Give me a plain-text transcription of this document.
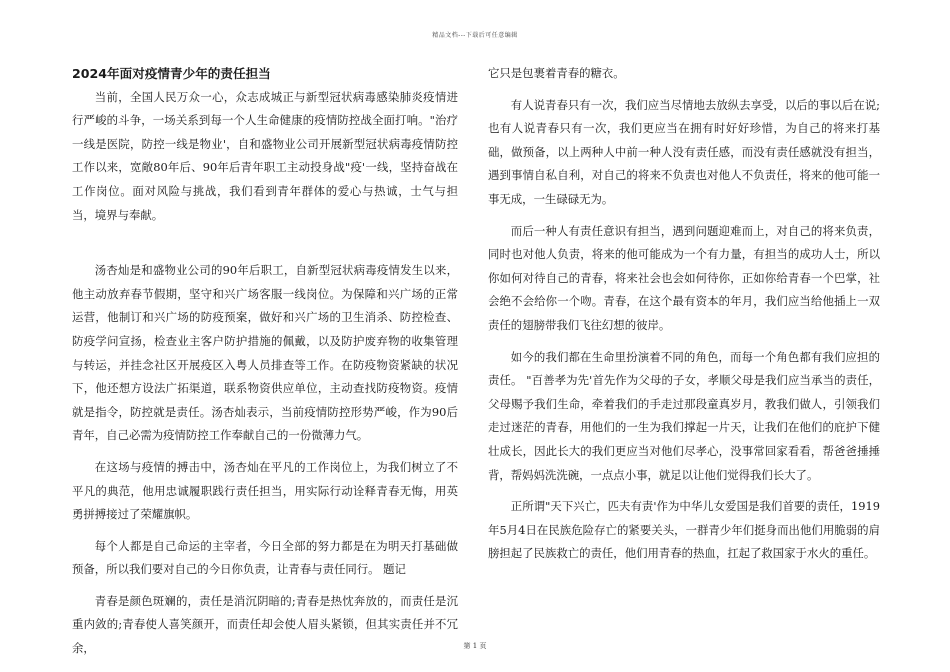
精品文档---下载后可任意编辑
2024年面对疫情青少年的责任担当

当前，全国人民万众一心，众志成城正与新型冠状病毒感染肺炎疫情进行严峻的斗争，一场关系到每一个人生命健康的疫情防控战全面打响。"治疗一线是医院，防控一线是物业'，自和盛物业公司开展新型冠状病毒疫情防控工作以来，宽敞80年后、90年后青年职工主动投身战"疫'一线，坚持奋战在工作岗位。面对风险与挑战，我们看到青年群体的爱心与热诚，士气与担当，境界与奉献。

汤杏灿是和盛物业公司的90年后职工，自新型冠状病毒疫情发生以来，他主动放弃春节假期，坚守和兴广场客服一线岗位。为保障和兴广场的正常运营，他制订和兴广场的防疫预案，做好和兴广场的卫生消杀、防控检查、防疫学问宣扬，检查业主客户防护措施的佩戴，以及防护废弃物的收集管理与转运，并挂念社区开展疫区入粤人员排查等工作。在防疫物资紧缺的状况下，他还想方设法广拓渠道，联系物资供应单位，主动查找防疫物资。疫情就是指令，防控就是责任。汤杏灿表示，当前疫情防控形势严峻，作为90后青年，自己必需为疫情防控工作奉献自己的一份微薄力气。

在这场与疫情的搏击中，汤杏灿在平凡的工作岗位上，为我们树立了不平凡的典范，他用忠诚履职践行责任担当，用实际行动诠释青春无悔，用英勇拼搏接过了荣耀旗帜。

每个人都是自己命运的主宰者，今日全部的努力都是在为明天打基础做预备，所以我们要对自己的今日你负责，让青春与责任同行。 题记

青春是颜色斑斓的，责任是消沉阴暗的;青春是热忱奔放的，而责任是沉重内敛的;青春使人喜笑颜开，而责任却会使人眉头紧锁，但其实责任并不冗余，

它只是包裹着青春的糖衣。

有人说青春只有一次，我们应当尽情地去放纵去享受，以后的事以后在说;也有人说青春只有一次，我们更应当在拥有时好好珍惜，为自己的将来打基础，做预备，以上两种人中前一种人没有责任感，而没有责任感就没有担当，遇到事情自私自利，对自己的将来不负责也对他人不负责任，将来的他可能一事无成，一生碌碌无为。

而后一种人有责任意识有担当，遇到问题迎难而上，对自己的将来负责，同时也对他人负责，将来的他可能成为一个有力量，有担当的成功人士，所以你如何对待自己的青春，将来社会也会如何待你，正如你给青春一个巴掌，社会绝不会给你一个吻。青春，在这个最有资本的年月，我们应当给他插上一双责任的翅膀带我们飞往幻想的彼岸。

如今的我们都在生命里扮演着不同的角色，而每一个角色都有我们应担的责任。 "百善孝为先'首先作为父母的子女，孝顺父母是我们应当承当的责任，父母赐予我们生命，牵着我们的手走过那段童真岁月，教我们做人，引领我们走过迷茫的青春，用他们的一生为我们撑起一片天，让我们在他们的庇护下健壮成长，因此长大的我们更应当对他们尽孝心，没事常回家看看，帮爸爸捶捶背，帮妈妈洗洗碗，一点点小事，就足以让他们觉得我们长大了。

正所谓"天下兴亡，匹夫有责'作为中华儿女爱国是我们首要的责任，1919年5月4日在民族危险存亡的紧要关头，一群青少年们挺身而出他们用脆弱的肩膀担起了民族救亡的责任，他们用青春的热血，扛起了救国家于水火的重任。

第 1 页
